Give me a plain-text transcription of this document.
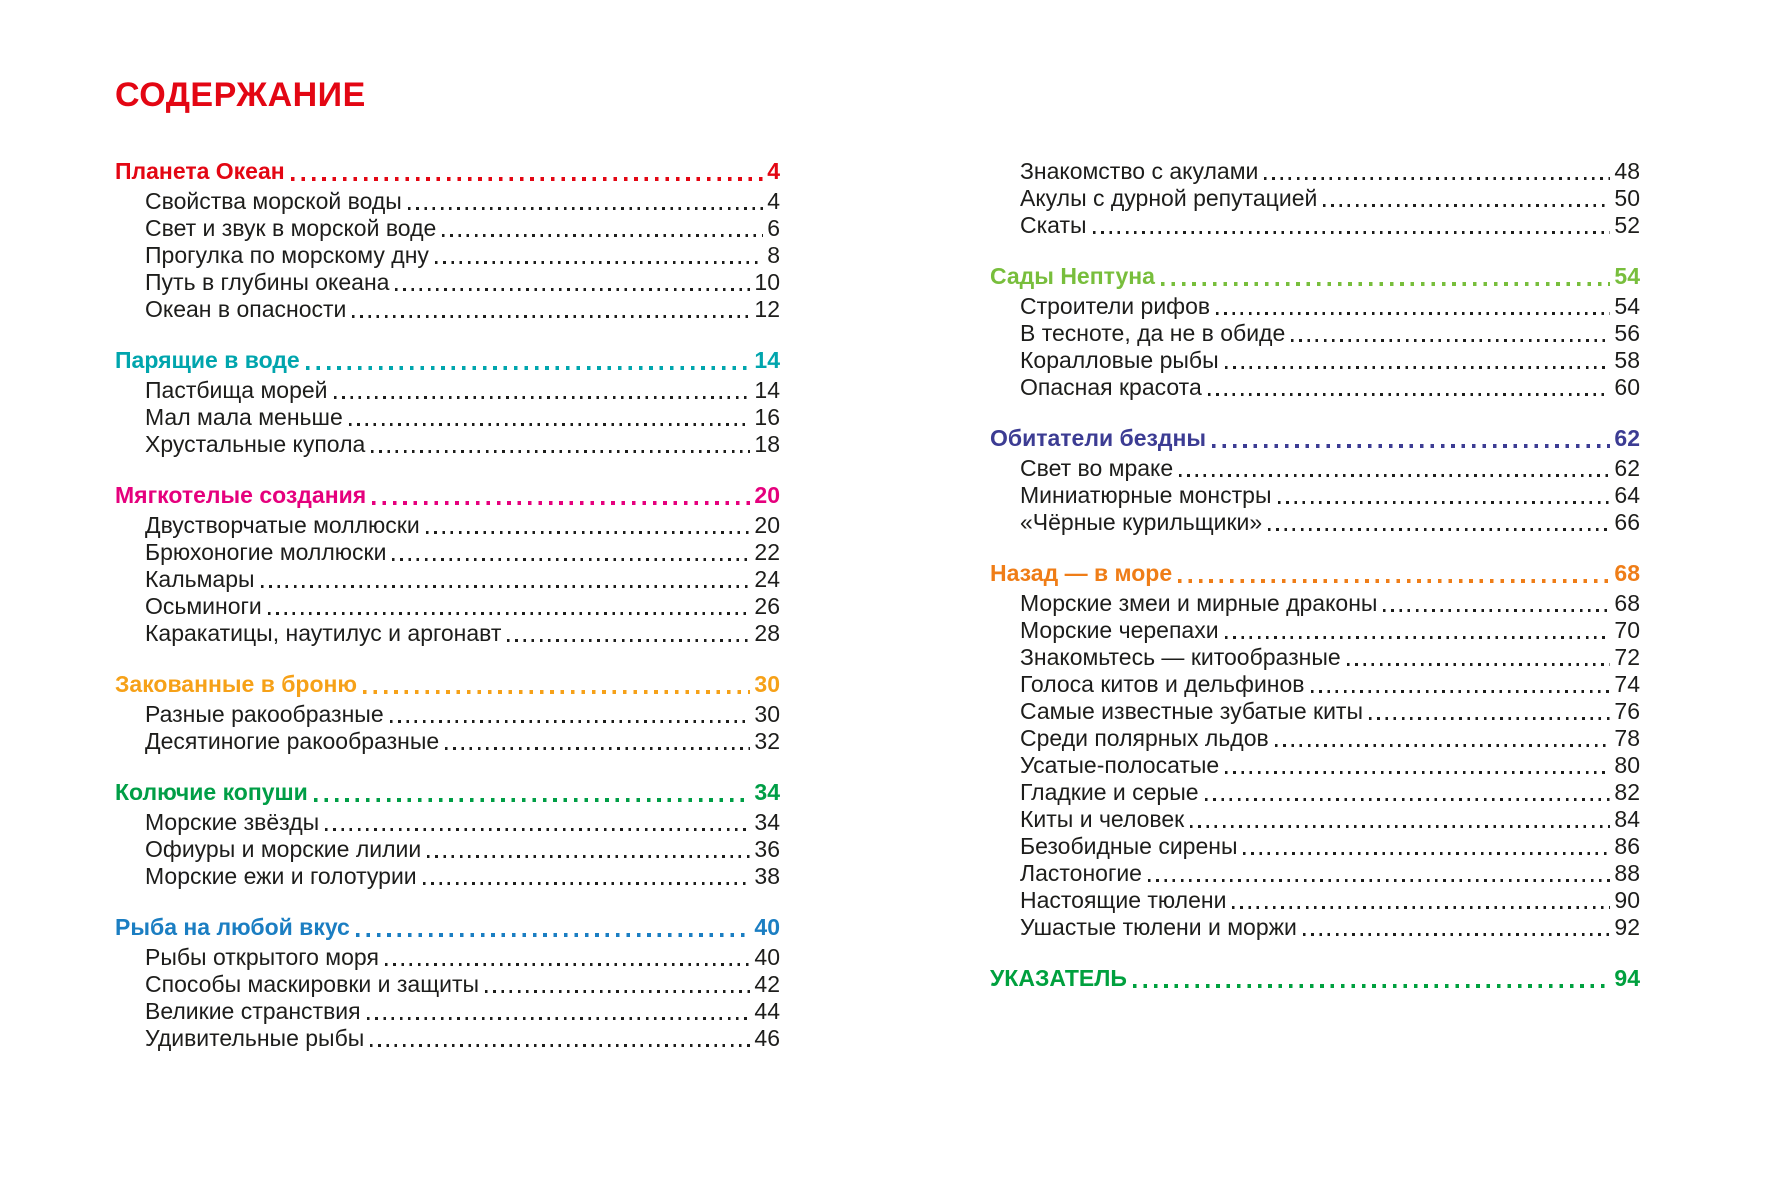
СОДЕРЖАНИЕ
Планета Океан	4
Свойства морской воды	4
Свет и звук в морской воде	6
Прогулка по морскому дну	8
Путь в глубины океана	10
Океан в опасности	12
Парящие в воде	14
Пастбища морей	14
Мал мала меньше	16
Хрустальные купола	18
Мягкотелые создания	20
Двустворчатые моллюски	20
Брюхоногие моллюски	22
Кальмары	24
Осьминоги	26
Каракатицы, наутилус и аргонавт	28
Закованные в броню	30
Разные ракообразные	30
Десятиногие ракообразные	32
Колючие копуши	34
Морские звёзды	34
Офиуры и морские лилии	36
Морские ежи и голотурии	38
Рыба на любой вкус	40
Рыбы открытого моря	40
Способы маскировки и защиты	42
Великие странствия	44
Удивительные рыбы	46
Знакомство с акулами	48
Акулы с дурной репутацией	50
Скаты	52
Сады Нептуна	54
Строители рифов	54
В тесноте, да не в обиде	56
Коралловые рыбы	58
Опасная красота	60
Обитатели бездны	62
Свет во мраке	62
Миниатюрные монстры	64
«Чёрные курильщики»	66
Назад — в море	68
Морские змеи и мирные драконы	68
Морские черепахи	70
Знакомьтесь — китообразные	72
Голоса китов и дельфинов	74
Самые известные зубатые киты	76
Среди полярных льдов	78
Усатые-полосатые	80
Гладкие и серые	82
Киты и человек	84
Безобидные сирены	86
Ластоногие	88
Настоящие тюлени	90
Ушастые тюлени и моржи	92
УКАЗАТЕЛЬ	94
